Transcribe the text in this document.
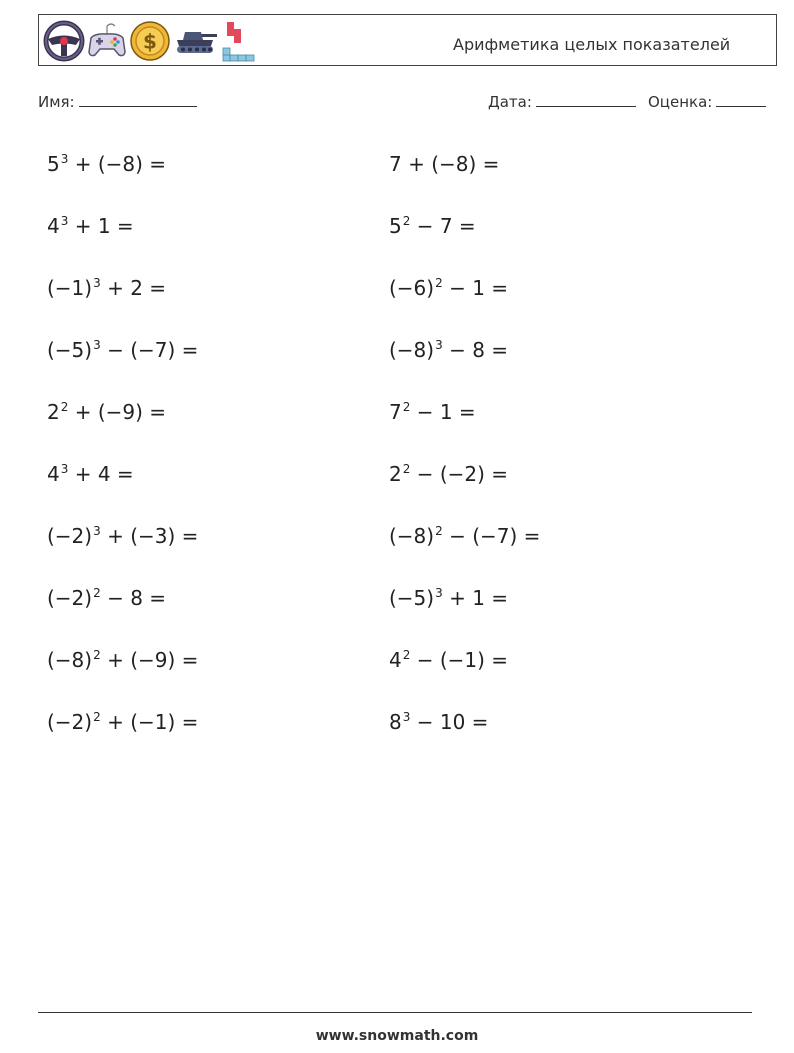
$	Арифметика целых показателей
Имя:	Дата:	Оценка:
$5^3 + (-8)$ =
$4^3 + 1$ =
$(-1)^3 + 2$ =
$(-5)^3 - (-7)$ =
$2^2 + (-9)$ =
$4^3 + 4$ =
$(-2)^3 + (-3)$ =
$(-2)^2 - 8$ =
$(-8)^2 + (-9)$ =
$(-2)^2 + (-1)$ =
7 + (−8) =
$5^2 - 7$ =
$(-6)^2 - 1$ =
$(-8)^3 - 8$ =
$7^2 - 1$ =
$2^2 - (-2)$ =
$(-8)^2 - (-7)$ =
$(-5)^3 + 1$ =
$4^2 - (-1)$ =
$8^3 - 10$ =
www.snowmath.com
